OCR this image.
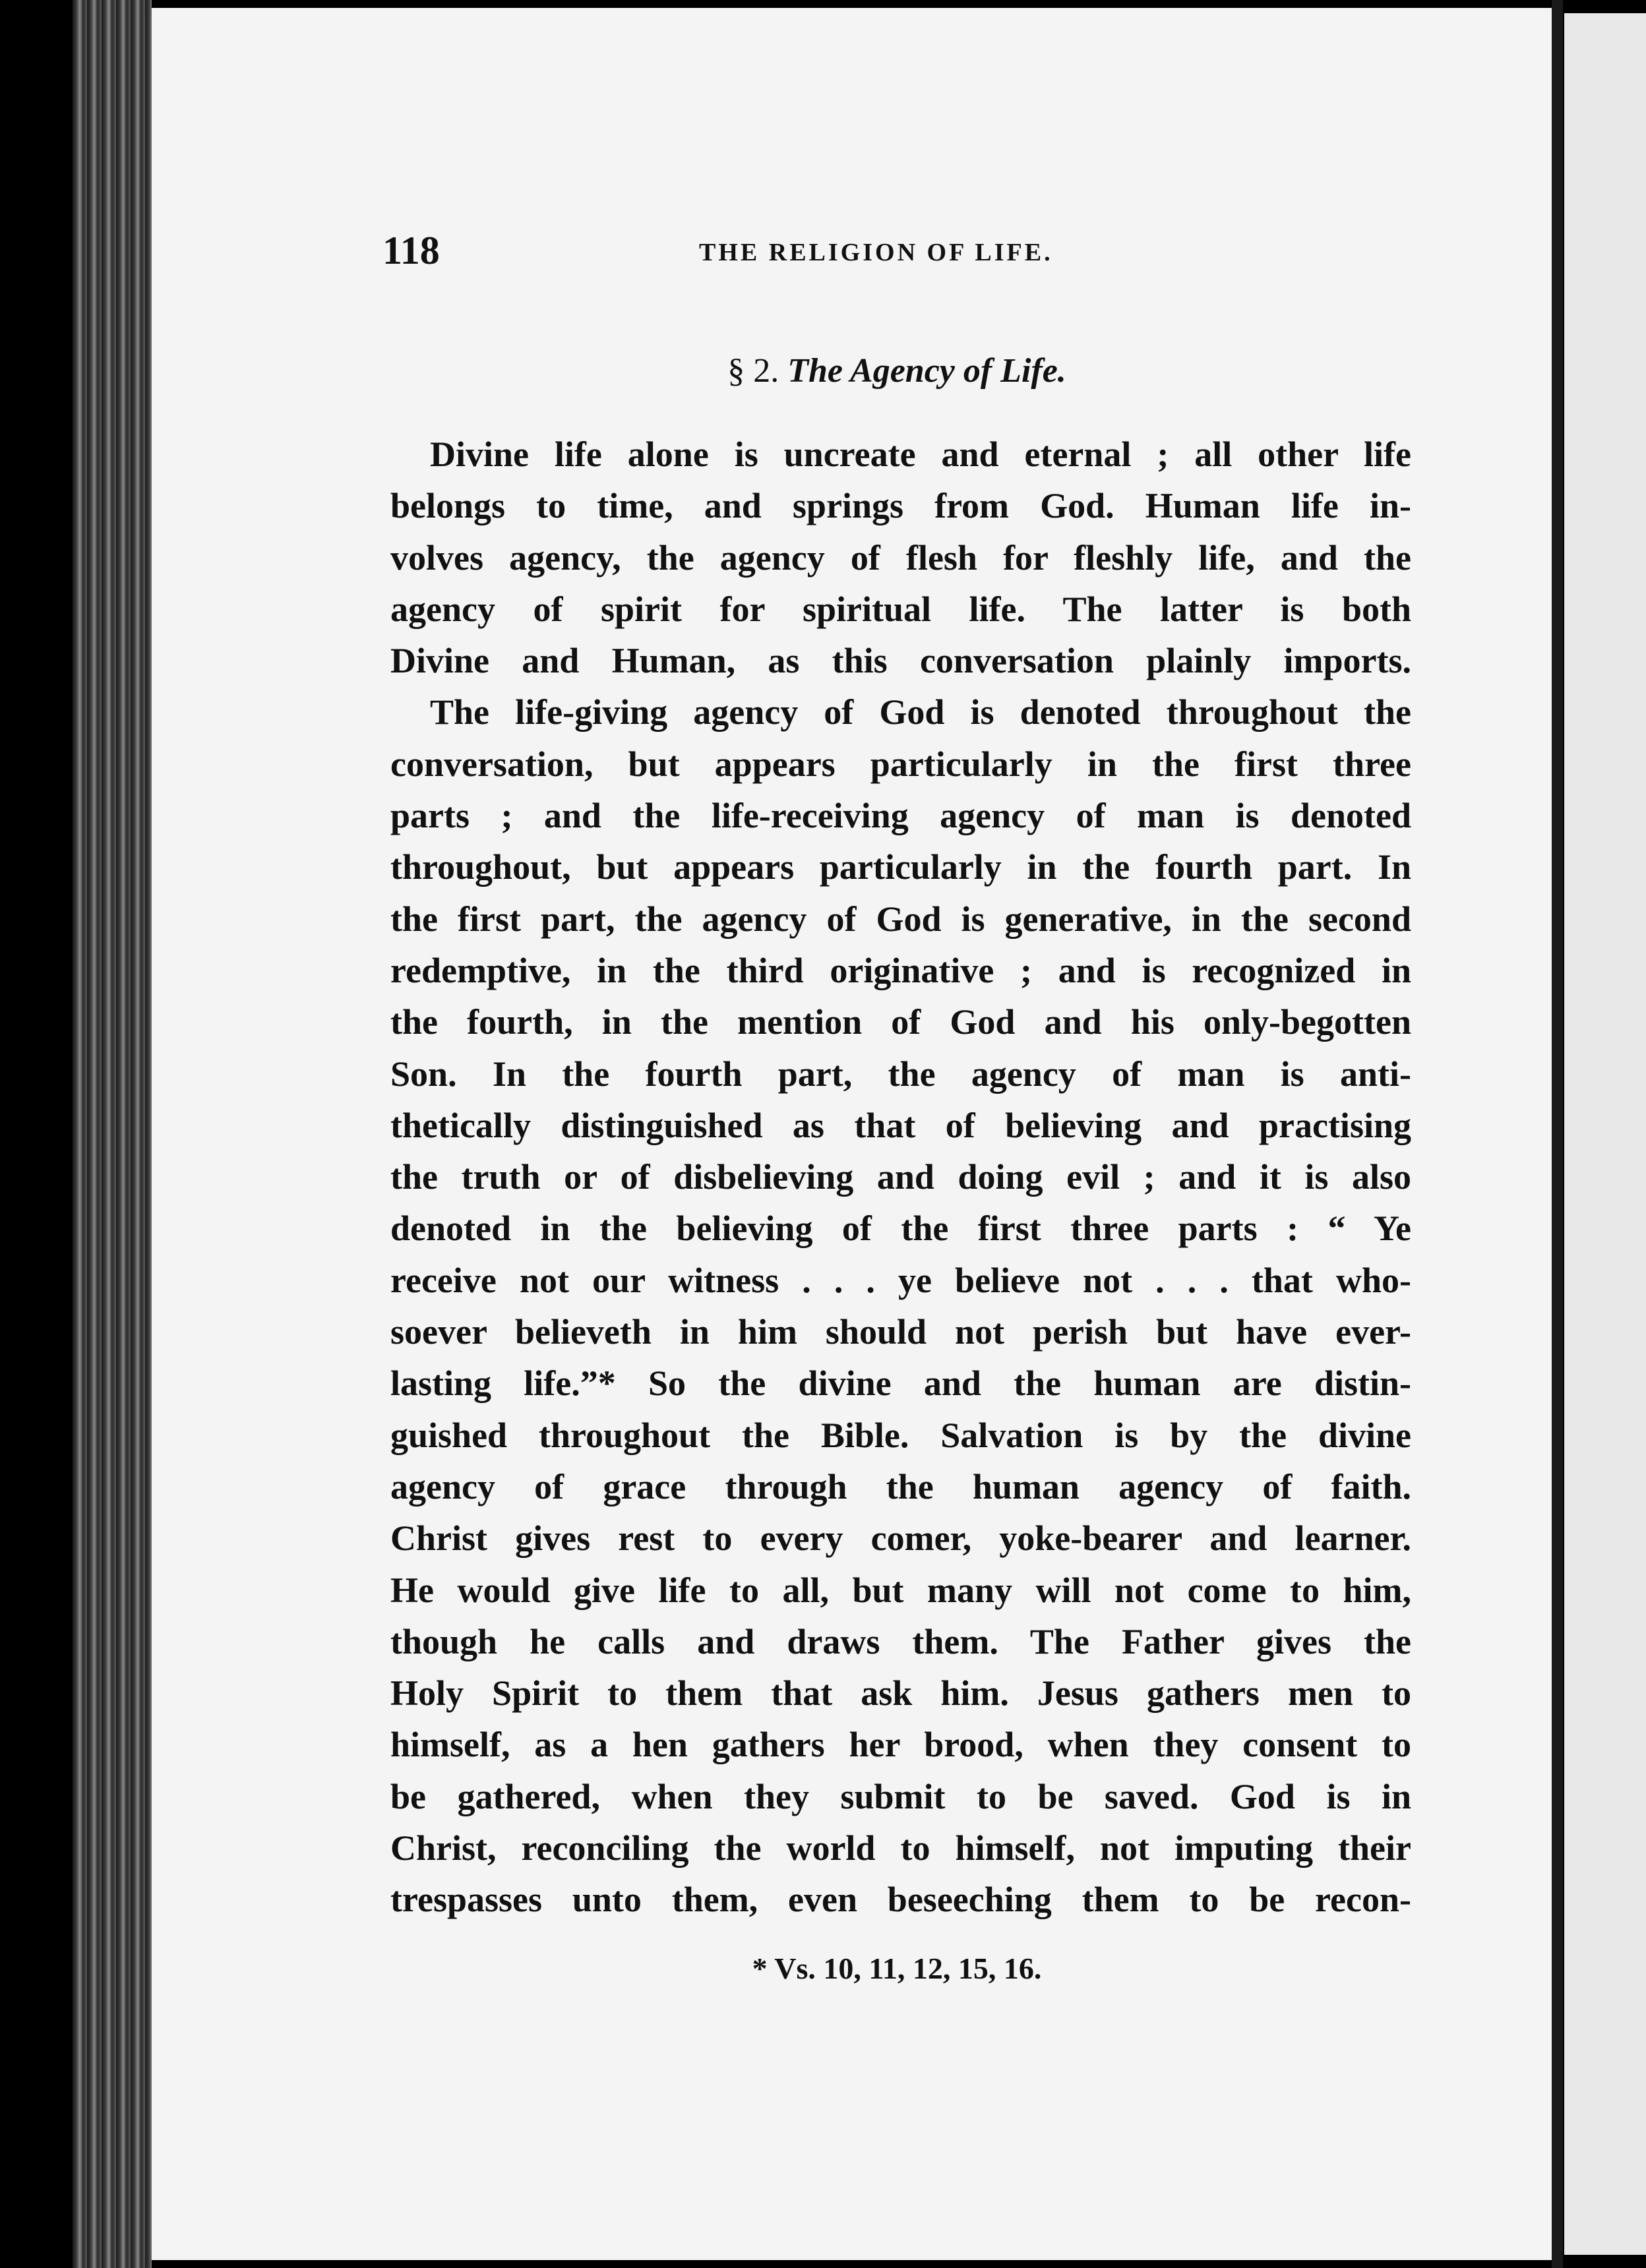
118	THE RELIGION OF LIFE.
§ 2. The Agency of Life.
Divine life alone is uncreate and eternal ; all other life
belongs to time, and springs from God. Human life in-
volves agency, the agency of flesh for fleshly life, and the
agency of spirit for spiritual life. The latter is both
Divine and Human, as this conversation plainly imports.
The life-giving agency of God is denoted throughout the
conversation, but appears particularly in the first three
parts ; and the life-receiving agency of man is denoted
throughout, but appears particularly in the fourth part. In
the first part, the agency of God is generative, in the second
redemptive, in the third originative ; and is recognized in
the fourth, in the mention of God and his only-begotten
Son. In the fourth part, the agency of man is anti-
thetically distinguished as that of believing and practising
the truth or of disbelieving and doing evil ; and it is also
denoted in the believing of the first three parts : “ Ye
receive not our witness . . . ye believe not . . . that who-
soever believeth in him should not perish but have ever-
lasting life.”* So the divine and the human are distin-
guished throughout the Bible. Salvation is by the divine
agency of grace through the human agency of faith.
Christ gives rest to every comer, yoke-bearer and learner.
He would give life to all, but many will not come to him,
though he calls and draws them. The Father gives the
Holy Spirit to them that ask him. Jesus gathers men to
himself, as a hen gathers her brood, when they consent to
be gathered, when they submit to be saved. God is in
Christ, reconciling the world to himself, not imputing their
trespasses unto them, even beseeching them to be recon-
* Vs. 10, 11, 12, 15, 16.
